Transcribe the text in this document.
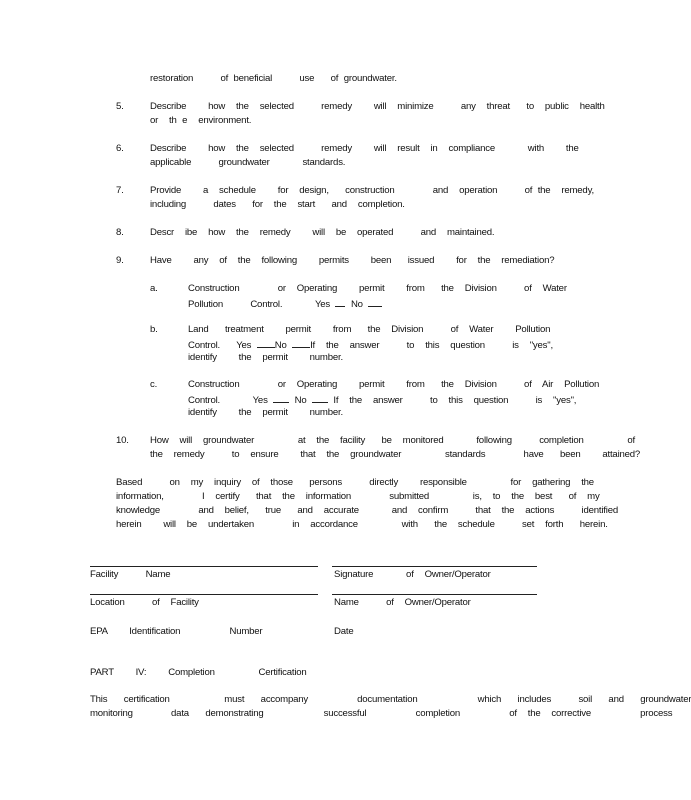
restoration     of beneficial     use   of groundwater.
5.	Describe    how  the  selected     remedy    will  minimize     any  threat   to  public  health
or  th e  environment.
6.	Describe    how  the  selected     remedy    will  result  in  compliance      with    the
applicable     groundwater      standards.
7.	Provide    a  schedule    for  design,   construction       and  operation     of the  remedy,
including     dates   for  the  start   and  completion.
8.	Descr  ibe  how  the  remedy    will  be  operated     and  maintained.
9.	Have    any  of  the  following    permits    been   issued    for  the  remediation?
a.	Construction       or  Operating    permit    from   the  Division     of  Water
Pollution     Control.      Yes No
b.	Land   treatment    permit    from   the  Division     of  Water    Pollution
Control.   Yes No If  the  answer     to  this  question     is  "yes",
identify    the  permit    number.
c.	Construction       or  Operating    permit    from   the  Division     of  Air  Pollution
Control.      Yes	No	If  the  answer     to  this  question     is  "yes",
identify    the  permit    number.
10. How  will  groundwater        at  the  facility   be  monitored      following     completion        of
the  remedy     to  ensure    that  the  groundwater        standards       have   been    attained?
Based     on  my  inquiry  of  those   persons     directly    responsible        for  gathering  the
information,       I  certify   that  the  information       submitted        is,  to  the  best   of  my
knowledge       and  belief,   true   and  accurate      and  confirm     that  the  actions     identified
herein    will  be  undertaken       in  accordance        with   the  schedule     set  forth   herein.
Facility     Name	Signature      of  Owner/Operator
Location     of  Facility	Name     of  Owner/Operator
EPA    Identification         Number	Date
PART    IV:    Completion        Certification
This   certification          must   accompany         documentation           which   includes     soil   and   groundwater
monitoring       data   demonstrating           successful         completion         of  the  corrective         process
